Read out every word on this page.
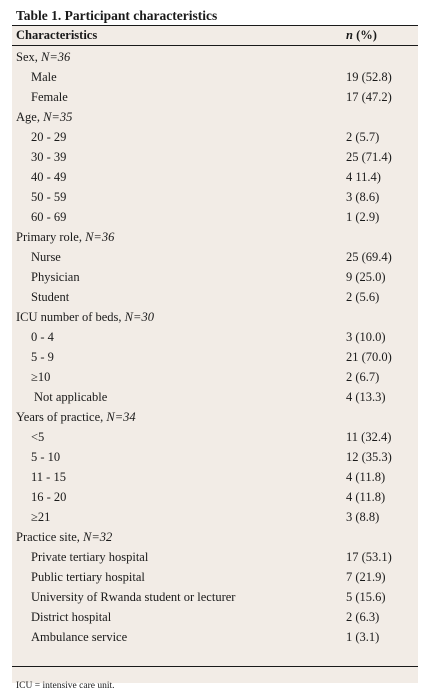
Table 1. Participant characteristics
Characteristics	n (%)
Sex, N=36
Male	19 (52.8)
Female	17 (47.2)
Age, N=35
20 - 29	2 (5.7)
30 - 39	25 (71.4)
40 - 49	4 11.4)
50 - 59	3 (8.6)
60 - 69	1 (2.9)
Primary role, N=36
Nurse	25 (69.4)
Physician	9 (25.0)
Student	2 (5.6)
ICU number of beds, N=30
0 - 4	3 (10.0)
5 - 9	21 (70.0)
≥10	2 (6.7)
Not applicable	4 (13.3)
Years of practice, N=34
<5	11 (32.4)
5 - 10	12 (35.3)
11 - 15	4 (11.8)
16 - 20	4 (11.8)
≥21	3 (8.8)
Practice site, N=32
Private tertiary hospital	17 (53.1)
Public tertiary hospital	7 (21.9)
University of Rwanda student or lecturer	5 (15.6)
District hospital	2 (6.3)
Ambulance service	1 (3.1)
ICU = intensive care unit.
